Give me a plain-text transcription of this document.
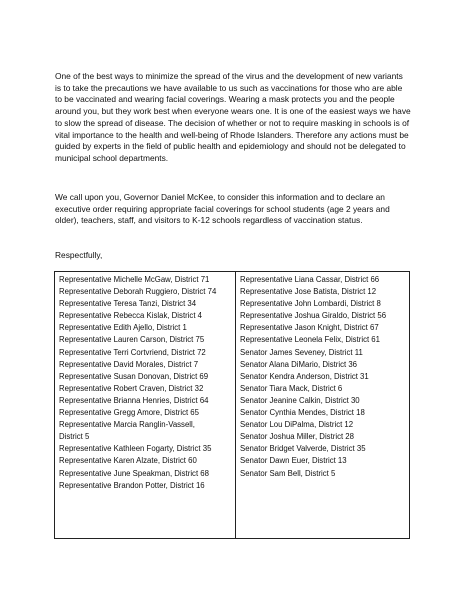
One of the best ways to minimize the spread of the virus and the development of new variants is to take the precautions we have available to us such as vaccinations for those who are able to be vaccinated and wearing facial coverings. Wearing a mask protects you and the people around you, but they work best when everyone wears one. It is one of the easiest ways we have to slow the spread of disease. The decision of whether or not to require masking in schools is of vital importance to the health and well-being of Rhode Islanders. Therefore any actions must be guided by experts in the field of public health and epidemiology and should not be delegated to municipal school departments.

We call upon you, Governor Daniel McKee, to consider this information and to declare an executive order requiring appropriate facial coverings for school students (age 2 years and older), teachers, staff, and visitors to K-12 schools regardless of vaccination status.

Respectfully,

Representative Michelle McGaw, District 71
Representative Deborah Ruggiero, District 74
Representative Teresa Tanzi, District 34
Representative Rebecca Kislak, District 4
Representative Edith Ajello, District 1
Representative Lauren Carson, District 75
Representative Terri Cortvriend, District 72
Representative David Morales, District 7
Representative Susan Donovan, District 69
Representative Robert Craven, District 32
Representative Brianna Henries, District 64
Representative Gregg Amore, District 65
Representative Marcia Ranglin-Vassell,
District 5
Representative Kathleen Fogarty, District 35
Representative Karen Alzate, District 60
Representative June Speakman, District 68
Representative Brandon Potter, District 16

Representative Liana Cassar, District 66
Representative Jose Batista, District 12
Representative John Lombardi, District 8
Representative Joshua Giraldo, District 56
Representative Jason Knight, District 67
Representative Leonela Felix, District 61
Senator James Seveney, District 11
Senator Alana DiMario, District 36
Senator Kendra Anderson, District 31
Senator Tiara Mack, District 6
Senator Jeanine Calkin, District 30
Senator Cynthia Mendes, District 18
Senator Lou DiPalma, District 12
Senator Joshua Miller, District 28
Senator Bridget Valverde, District 35
Senator Dawn Euer, District 13
Senator Sam Bell, District 5
